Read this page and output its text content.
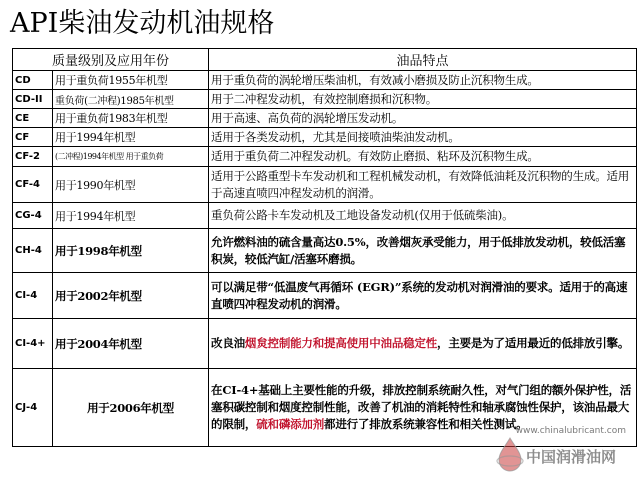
API柴油发动机油规格
质量级别及应用年份		油品特点
CD	用于重负荷1955年机型	用于重负荷的涡轮增压柴油机，有效减小磨损及防止沉积物生成。
CD-II	重负荷(二冲程)1985年机型	用于二冲程发动机，有效控制磨损和沉积物。
CE	用于重负荷1983年机型	用于高速、高负荷的涡轮增压发动机。
CF	用于1994年机型	适用于各类发动机，尤其是间接喷油柴油发动机。
CF-2	(二冲程)1994年机型 用于重负荷	适用于重负荷二冲程发动机。有效防止磨损、粘环及沉积物生成。
CF-4	用于1990年机型	适用于公路重型卡车发动机和工程机械发动机，有效降低油耗及沉积物的生成。适用于高速直喷四冲程发动机的润滑。
CG-4	用于1994年机型	重负荷公路卡车发动机及工地设备发动机(仅用于低硫柴油)。
CH-4	用于1998年机型	允许燃料油的硫含量高达0.5%，改善烟灰承受能力，用于低排放发动机，较低活塞积炭，较低汽缸/活塞环磨损。
CI-4	用于2002年机型	可以满足带“低温废气再循环 (EGR)”系统的发动机对润滑油的要求。适用于的高速直喷四冲程发动机的润滑。
CI-4+	用于2004年机型	改良油烟炱控制能力和提高使用中油品稳定性，主要是为了适用最近的低排放引擎。
CJ-4	用于2006年机型	在CI-4+基础上主要性能的升级，排放控制系统耐久性，对气门组的额外保护性，活塞积碳控制和烟度控制性能，改善了机油的消耗特性和轴承腐蚀性保护，该油品最大的限制，硫和磷添加剂都进行了排放系统兼容性和相关性测试。
www.chinalubricant.com
中国润滑油网
